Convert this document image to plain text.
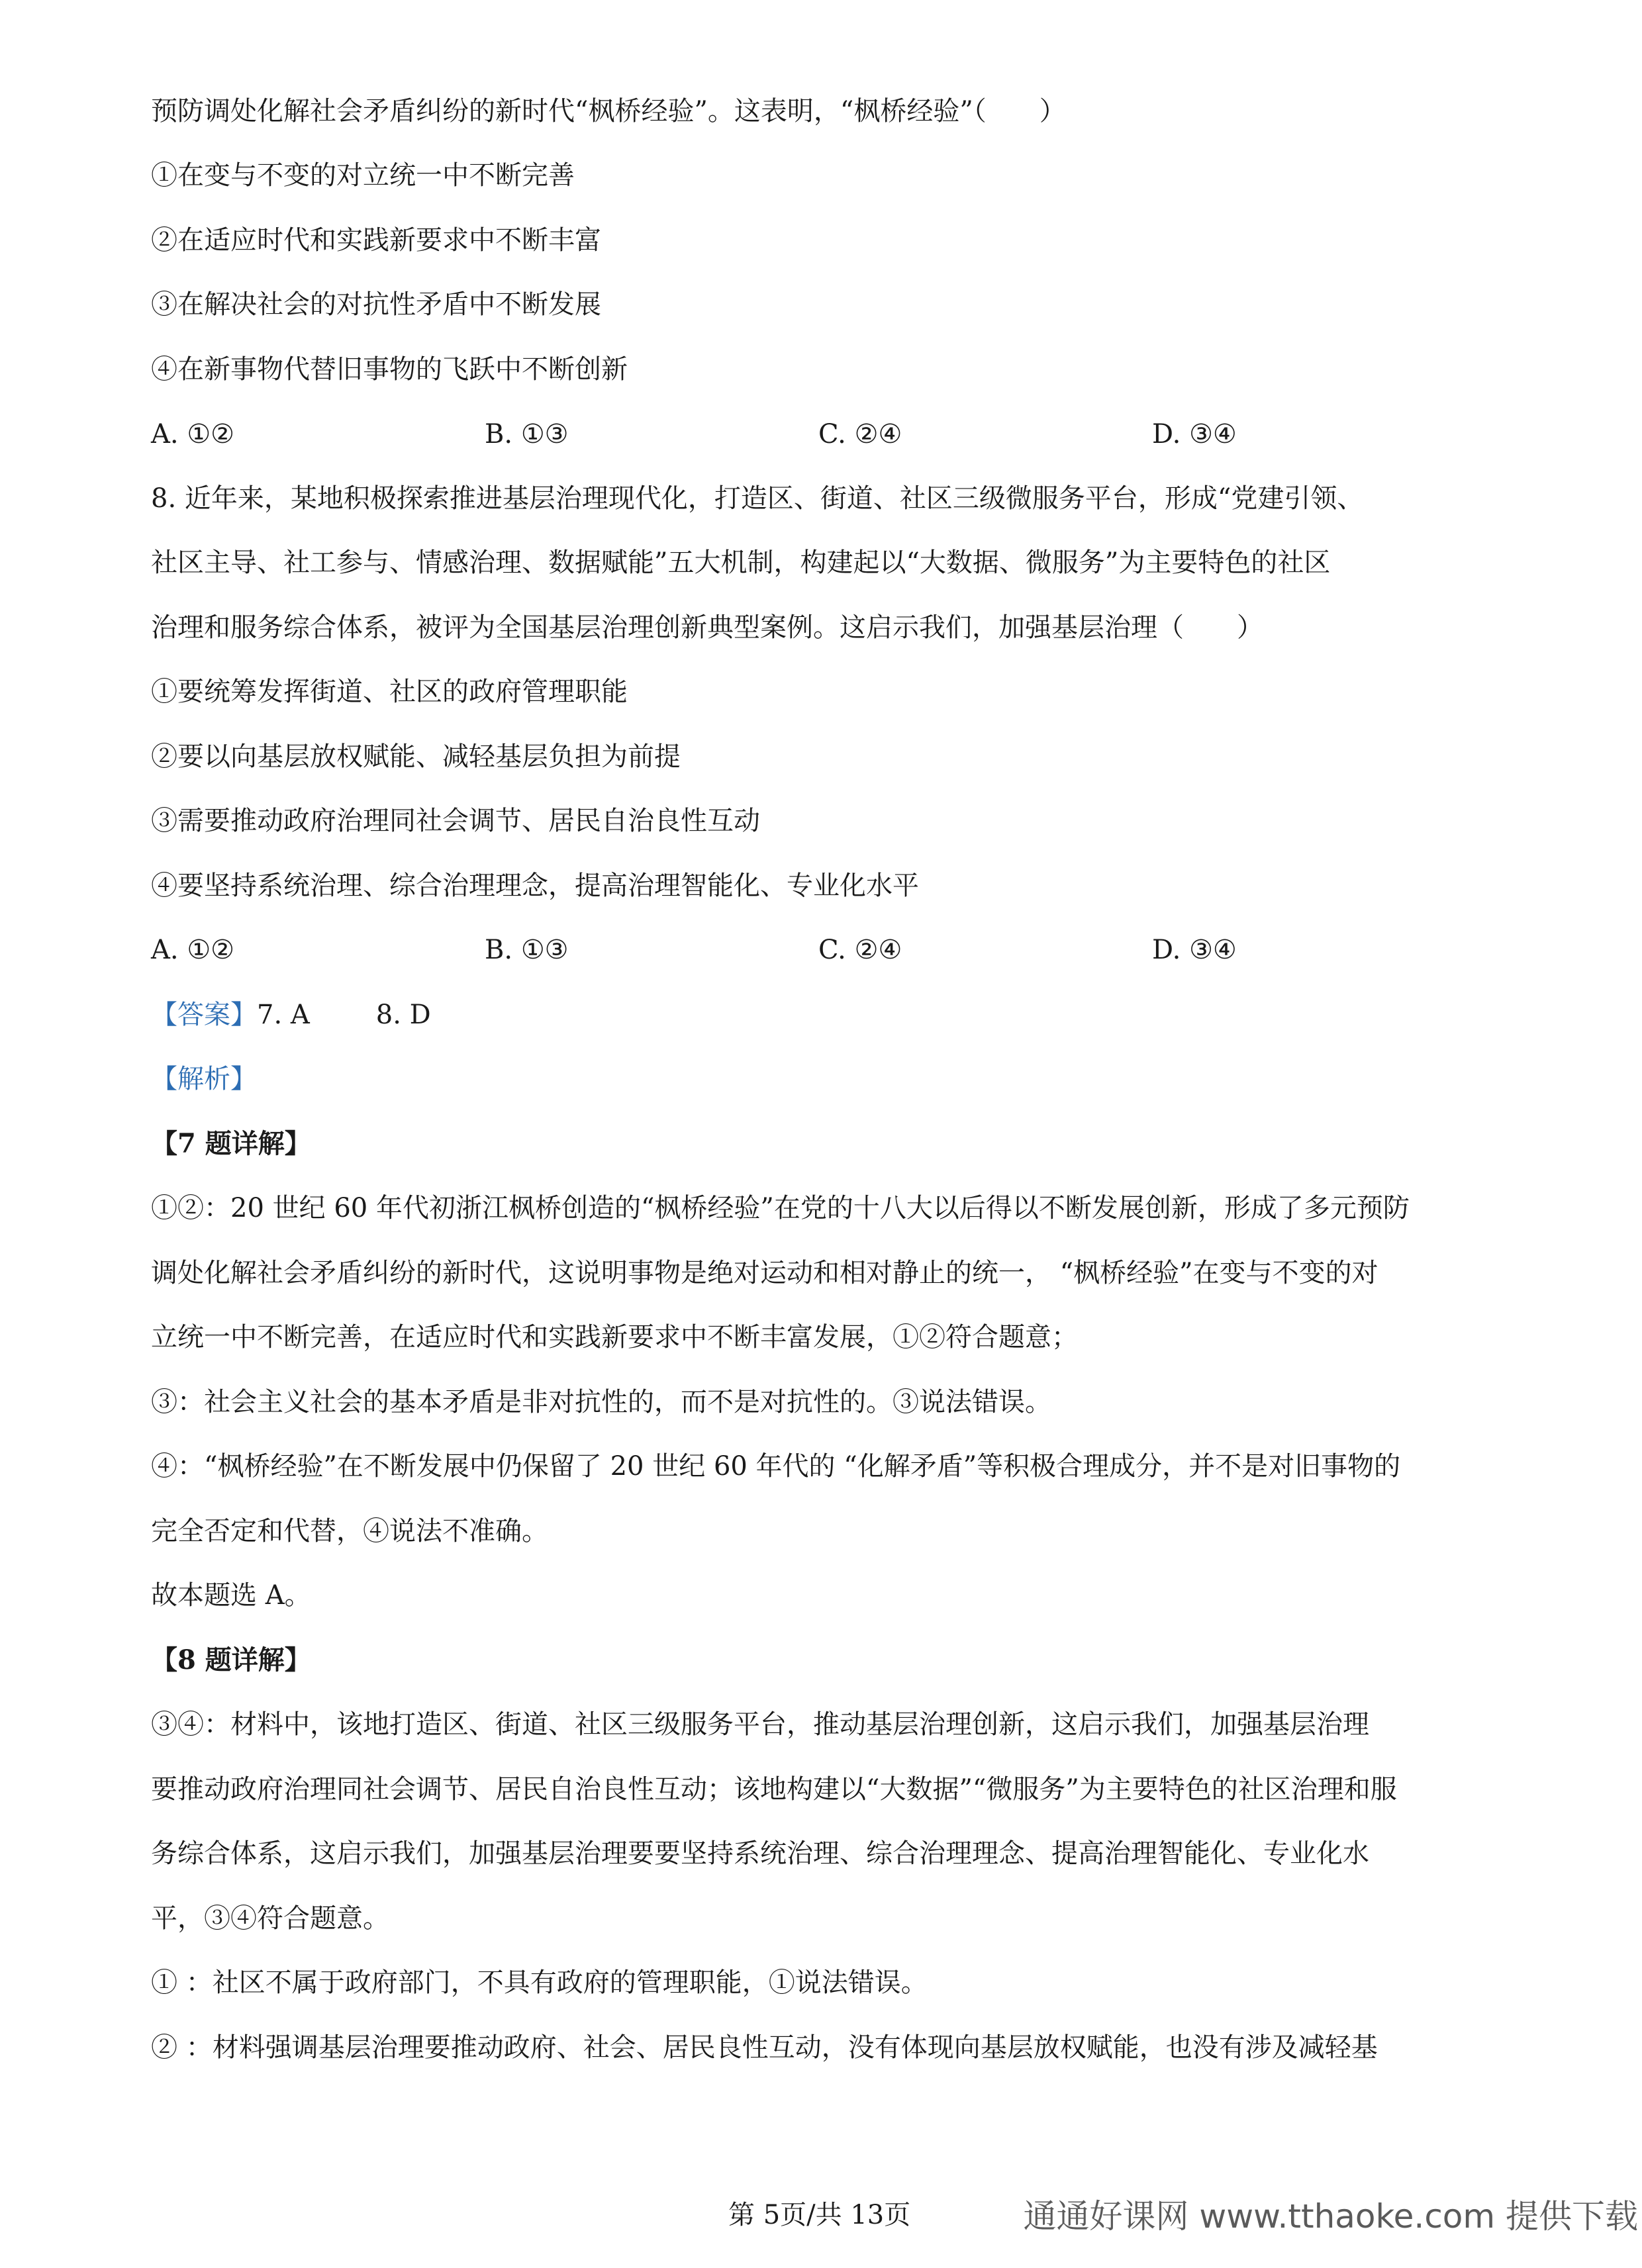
预防调处化解社会矛盾纠纷的新时代“枫桥经验”。这表明，“枫桥经验”（　　）
①在变与不变的对立统一中不断完善
②在适应时代和实践新要求中不断丰富
③在解决社会的对抗性矛盾中不断发展
④在新事物代替旧事物的飞跃中不断创新
A. ①②	B. ①③	C. ②④	D. ③④
8. 近年来，某地积极探索推进基层治理现代化，打造区、街道、社区三级微服务平台，形成“党建引领、
社区主导、社工参与、情感治理、数据赋能”五大机制，构建起以“大数据、微服务”为主要特色的社区
治理和服务综合体系，被评为全国基层治理创新典型案例。这启示我们，加强基层治理（　　）
①要统筹发挥街道、社区的政府管理职能
②要以向基层放权赋能、减轻基层负担为前提
③需要推动政府治理同社会调节、居民自治良性互动
④要坚持系统治理、综合治理理念，提高治理智能化、专业化水平
A. ①②	B. ①③	C. ②④	D. ③④
【答案】7. A	8. D
【解析】
【7 题详解】
①②：20 世纪 60 年代初浙江枫桥创造的“枫桥经验”在党的十八大以后得以不断发展创新，形成了多元预防
调处化解社会矛盾纠纷的新时代，这说明事物是绝对运动和相对静止的统一， “枫桥经验”在变与不变的对
立统一中不断完善，在适应时代和实践新要求中不断丰富发展，①②符合题意；
③：社会主义社会的基本矛盾是非对抗性的，而不是对抗性的。③说法错误。
④：“枫桥经验”在不断发展中仍保留了 20 世纪 60 年代的 “化解矛盾”等积极合理成分，并不是对旧事物的
完全否定和代替，④说法不准确。
故本题选 A。
【8 题详解】
③④：材料中，该地打造区、街道、社区三级服务平台，推动基层治理创新，这启示我们，加强基层治理
要推动政府治理同社会调节、居民自治良性互动；该地构建以“大数据”“微服务”为主要特色的社区治理和服
务综合体系，这启示我们，加强基层治理要要坚持系统治理、综合治理理念、提高治理智能化、专业化水
平，③④符合题意。
① ：社区不属于政府部门，不具有政府的管理职能，①说法错误。
② ：材料强调基层治理要推动政府、社会、居民良性互动，没有体现向基层放权赋能，也没有涉及减轻基
第 5页/共 13页	通通好课网 www.tthaoke.com 提供下载
